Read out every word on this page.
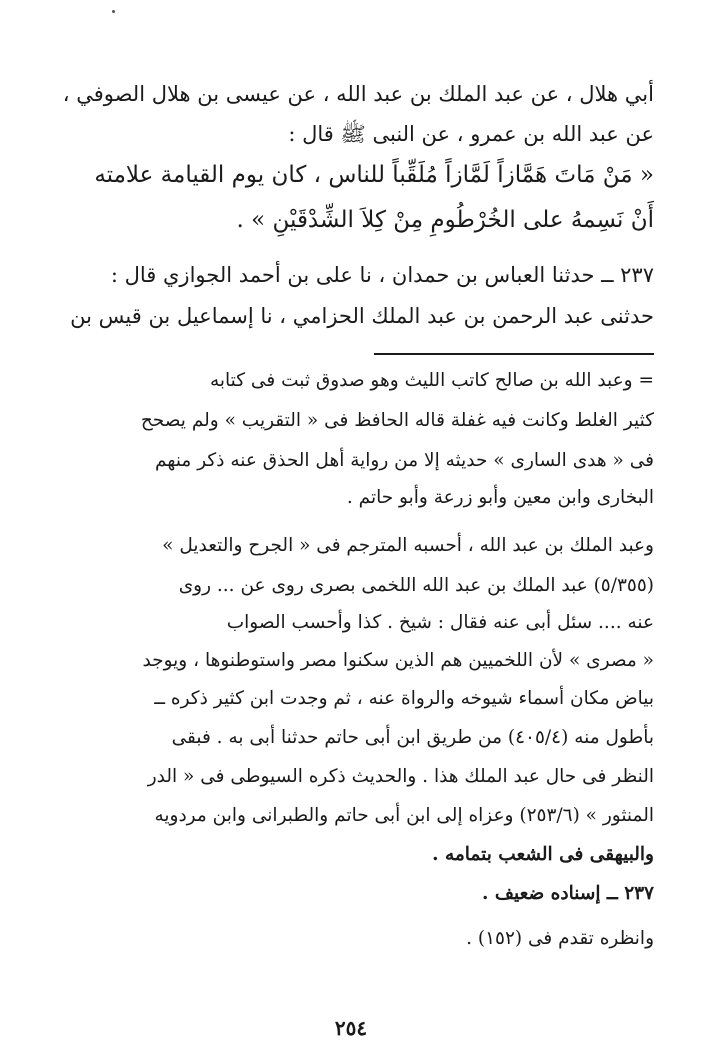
أبي هلال ، عن عبد الملك بن عبد الله ، عن عيسى بن هلال الصوفي ،
عن عبد الله بن عمرو ، عن النبى ﷺ قال :
« مَنْ مَاتَ هَمَّازاً لَمَّازاً مُلَقِّباً للناس ، كان يوم القيامة علامته
أَنْ نَسِمهُ على الخُرْطُومِ مِنْ كِلاَ الشِّدْقَيْنِ » .
٢٣٧ ــ حدثنا العباس بن حمدان ، نا على بن أحمد الجوازي قال :
حدثنى عبد الرحمن بن عبد الملك الحزامي ، نا إسماعيل بن قيس بن
= وعبد الله بن صالح كاتب الليث وهو صدوق ثبت فى كتابه
كثير الغلط وكانت فيه غفلة قاله الحافظ فى « التقريب » ولم يصحح
فى « هدى السارى » حديثه إلا من رواية أهل الحذق عنه ذكر منهم
البخارى وابن معين وأبو زرعة وأبو حاتم .
وعبد الملك بن عبد الله ، أحسبه المترجم فى « الجرح والتعديل »
(٥/٣٥٥) عبد الملك بن عبد الله اللخمى بصرى روى عن ... روى
عنه .... سئل أبى عنه فقال : شيخ . كذا وأحسب الصواب
« مصرى » لأن اللخميين هم الذين سكنوا مصر واستوطنوها ، ويوجد
بياض مكان أسماء شيوخه والرواة عنه ، ثم وجدت ابن كثير ذكره ــ
بأطول منه (٤٠٥/٤) من طريق ابن أبى حاتم حدثنا أبى به . فبقى
النظر فى حال عبد الملك هذا . والحديث ذكره السيوطى فى « الدر
المنثور » (٢٥٣/٦) وعزاه إلى ابن أبى حاتم والطبرانى وابن مردويه
والبيهقى فى الشعب بتمامه .
٢٣٧ ــ إسناده ضعيف .
وانظره تقدم فى (١٥٢) .
٢٥٤
